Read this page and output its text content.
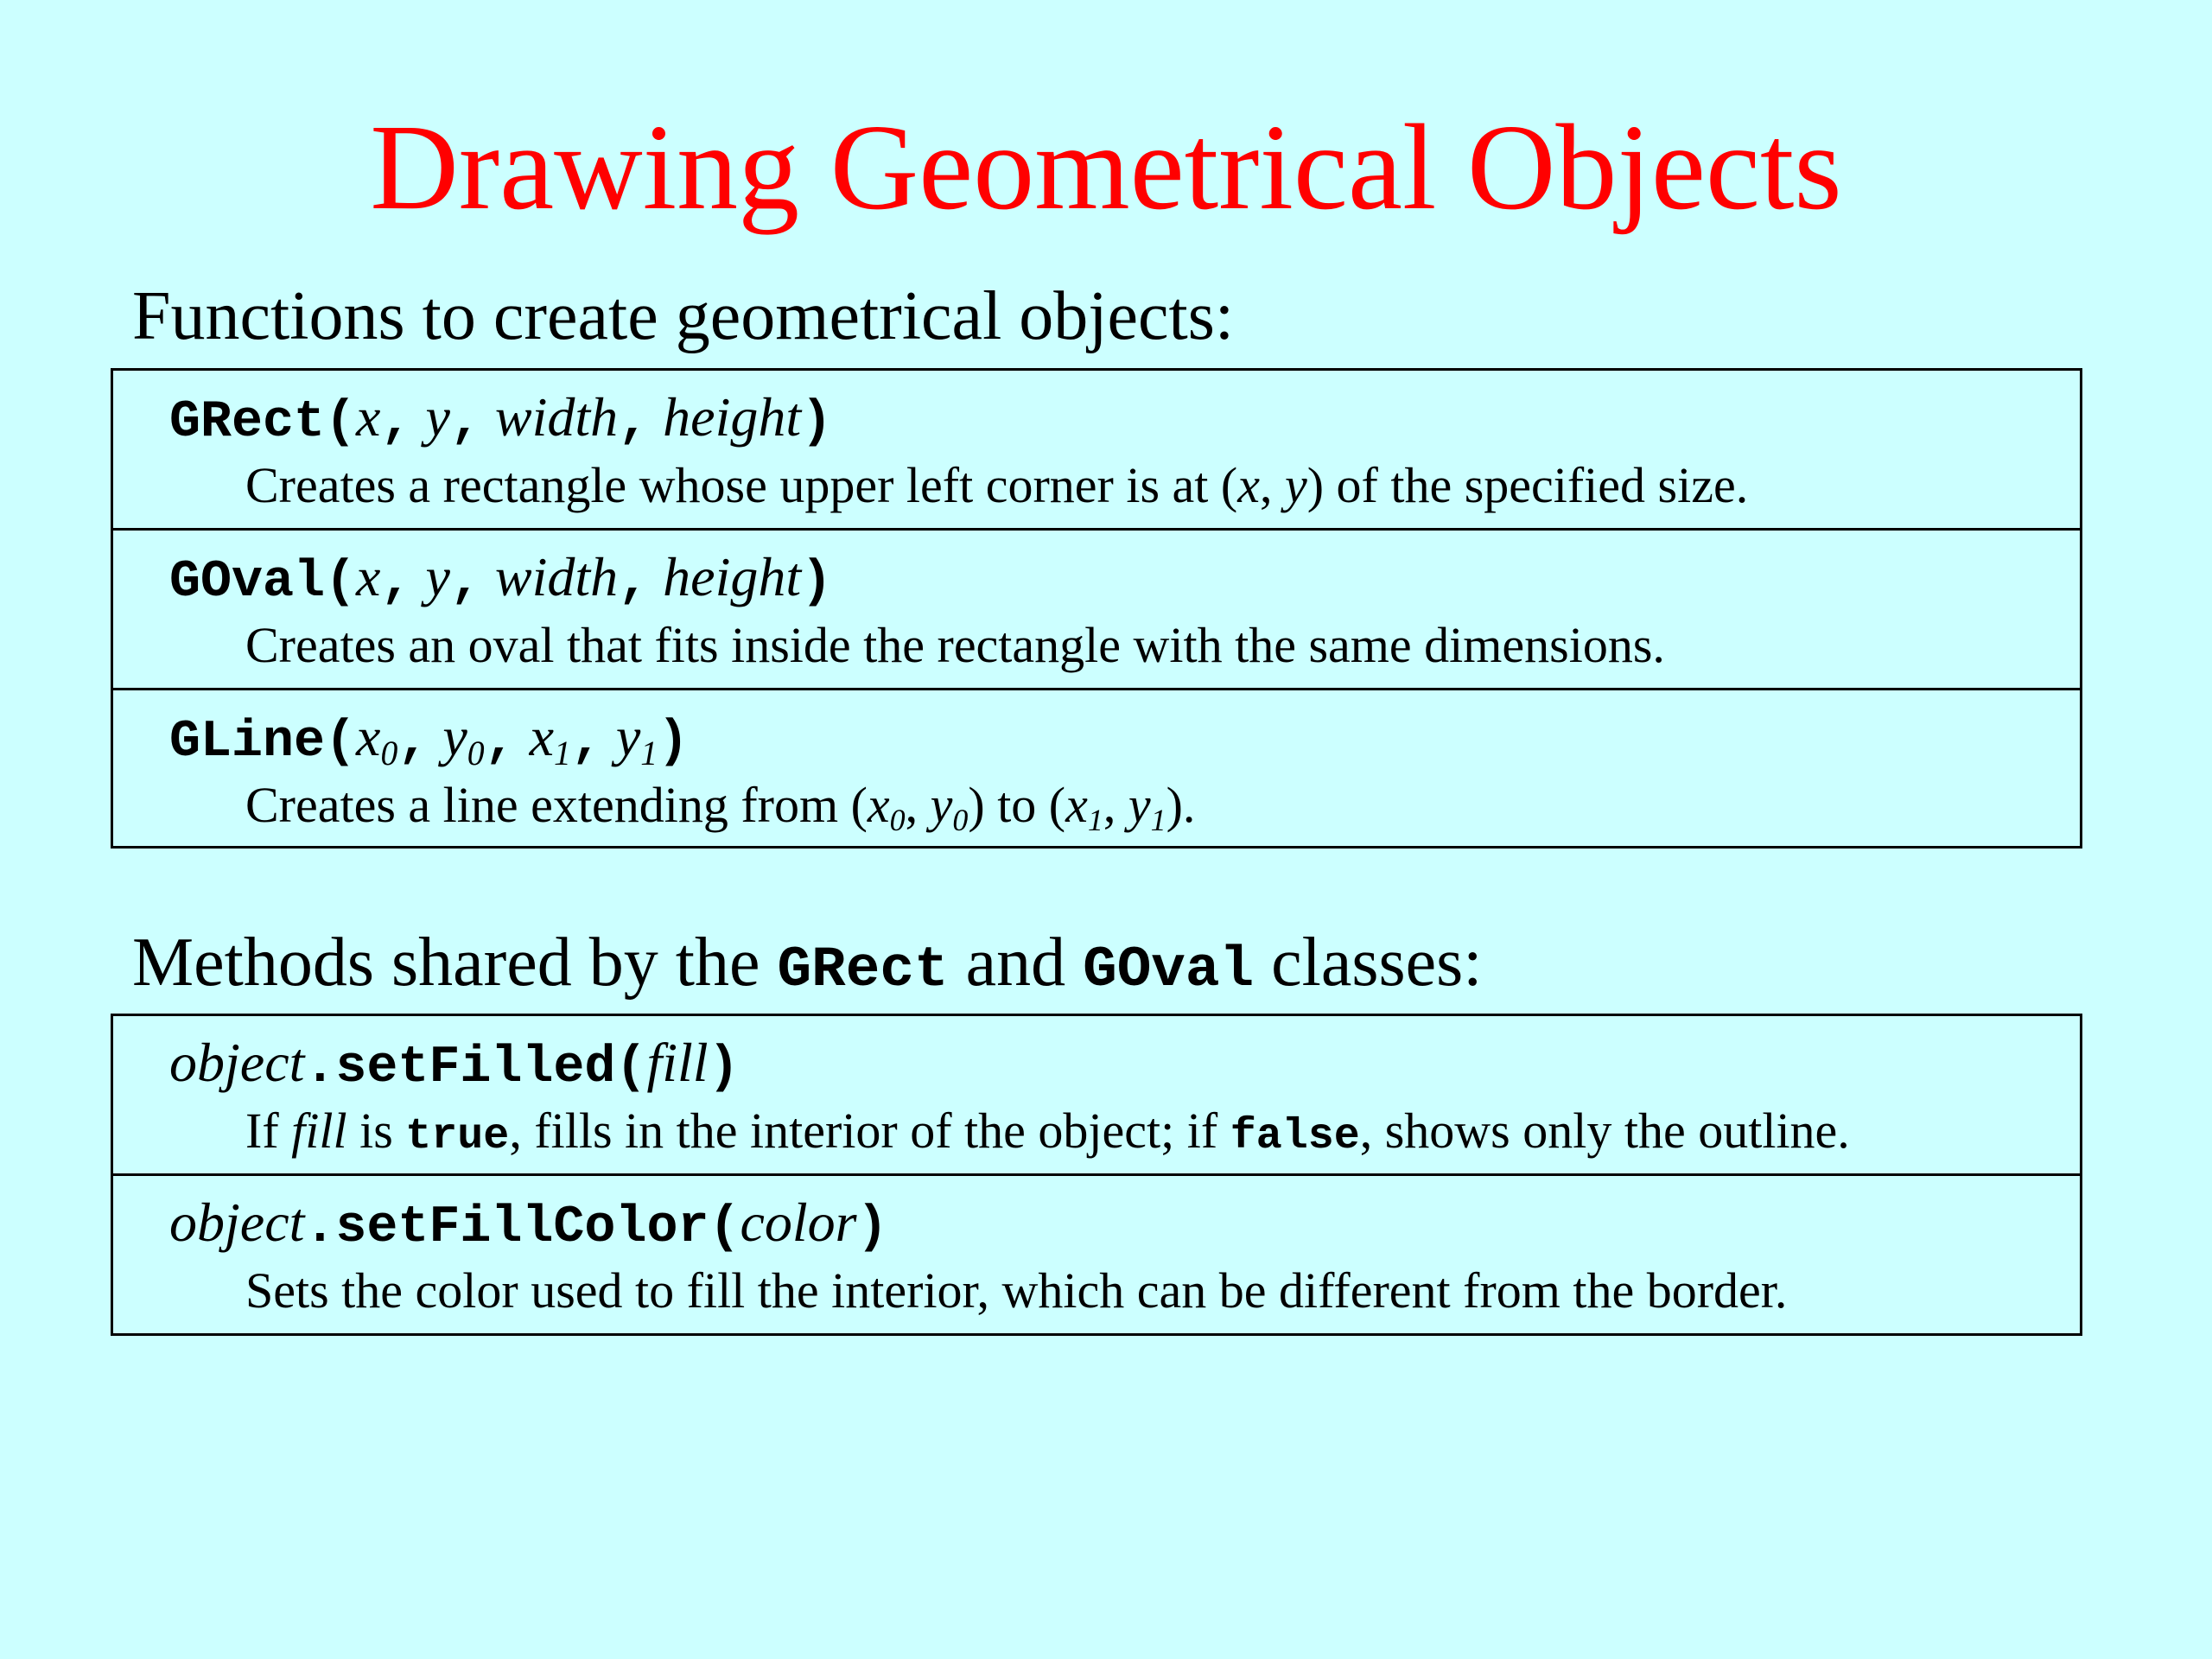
Drawing Geometrical Objects
Functions to create geometrical objects:
GRect(x, y, width, height)
Creates a rectangle whose upper left corner is at (x, y) of the specified size.
GOval(x, y, width, height)
Creates an oval that fits inside the rectangle with the same dimensions.
$GLine(x_0$, $y_0$, $x_1$, $y_1$)
Creates a line extending from ($x_0$, $y_0$) to ($x_1$, $y_1$).
Methods shared by the GRect and GOval classes:
object.setFilled(fill)
If fill is true, fills in the interior of the object; if false, shows only the outline.
object.setFillColor(color)
Sets the color used to fill the interior, which can be different from the border.
